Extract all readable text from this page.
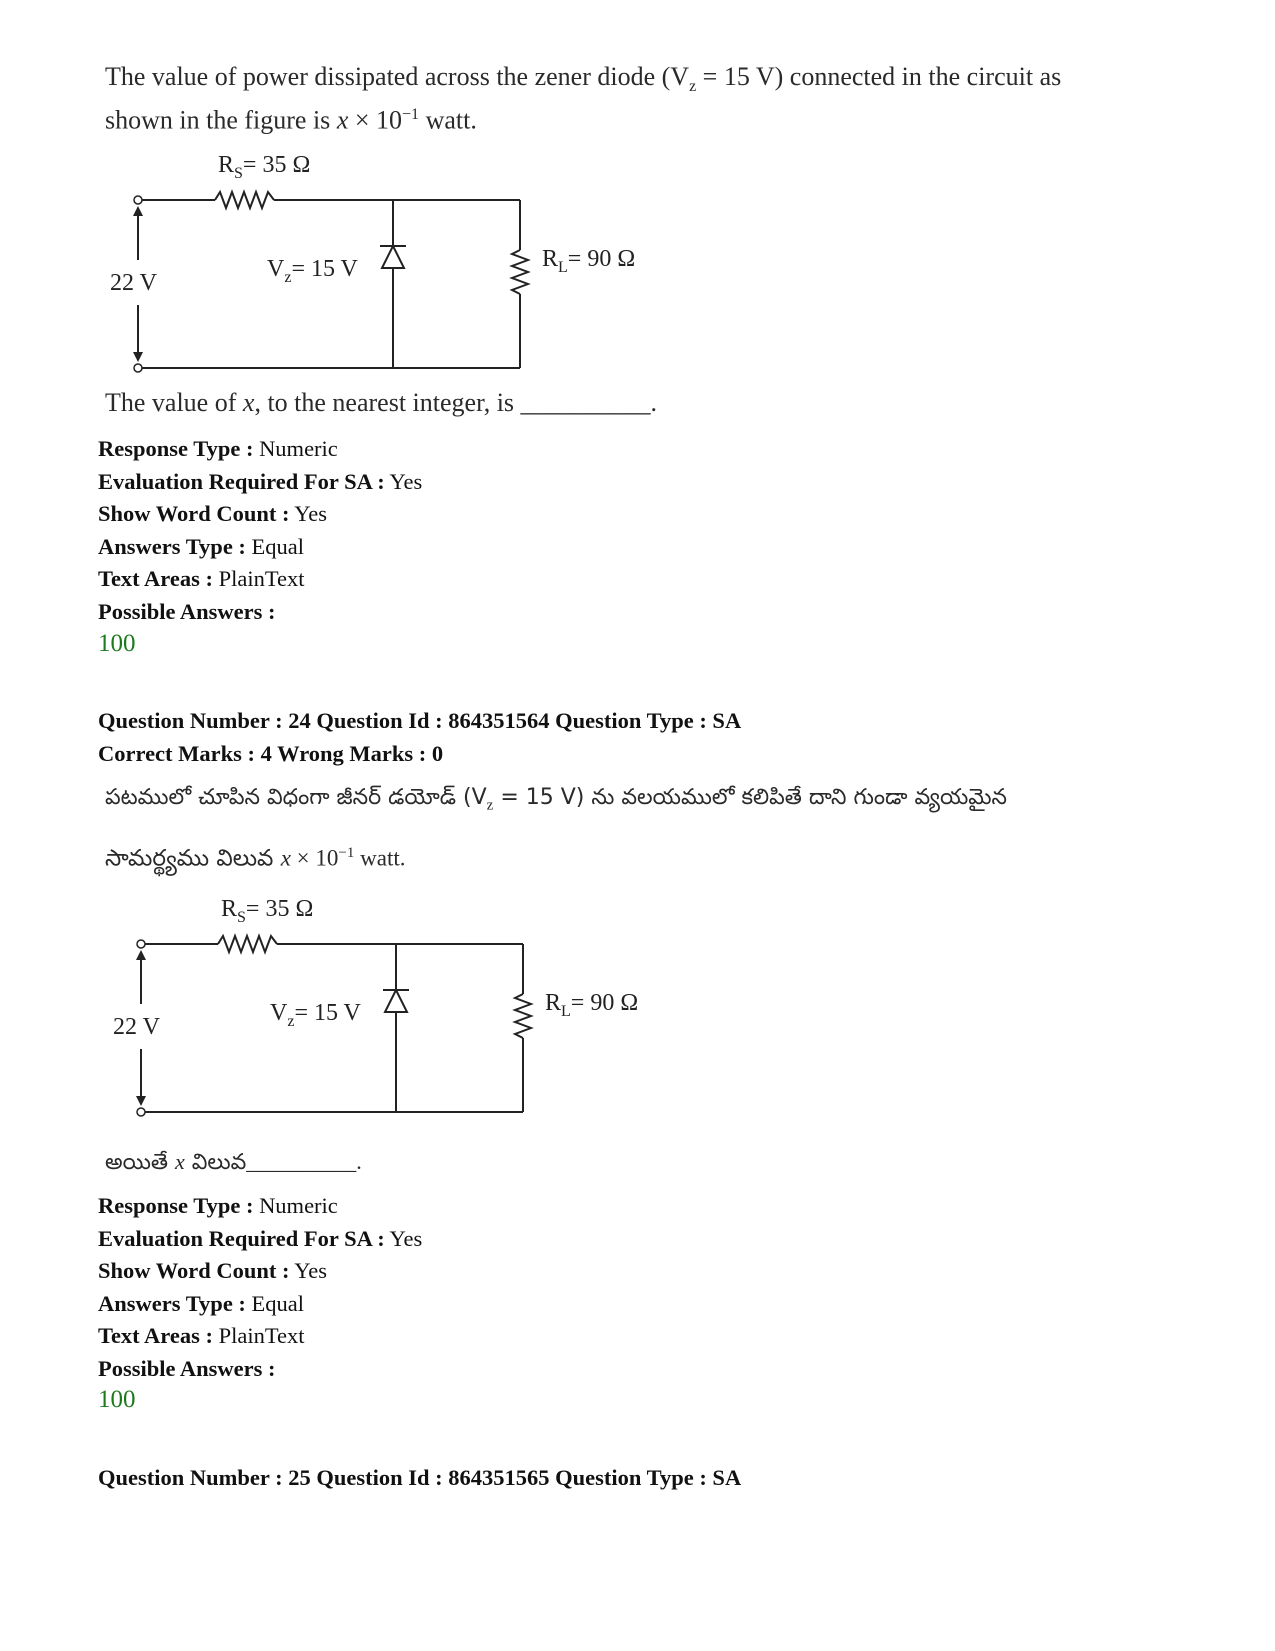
The value of power dissipated across the zener diode ($V_z = 15$ V) connected in the circuit as
shown in the figure is $x \times 10^{-1}$ watt.
$R_S= 35$ Ω
$V_z= 15$ V	$R_L= 90$ Ω
22 V
The value of x, to the nearest integer, is __________.
Response Type : Numeric
Evaluation Required For SA : Yes
Show Word Count : Yes
Answers Type : Equal
Text Areas : PlainText
Possible Answers :
100
Question Number : 24 Question Id : 864351564 Question Type : SA
Correct Marks : 4 Wrong Marks : 0
పటములో చూపిన విధంగా జీనర్ డయోడ్ ($V_z = 15$ V) ను వలయములో కలిపితే దాని గుండా వ్యయమైన
సామర్థ్యము విలువ $x \times 10^{-1}$ watt.
$R_S= 35$ Ω
$V_z= 15$ V	$R_L= 90$ Ω
22 V
అయితే x విలువ__________.
Response Type : Numeric
Evaluation Required For SA : Yes
Show Word Count : Yes
Answers Type : Equal
Text Areas : PlainText
Possible Answers :
100
Question Number : 25 Question Id : 864351565 Question Type : SA
